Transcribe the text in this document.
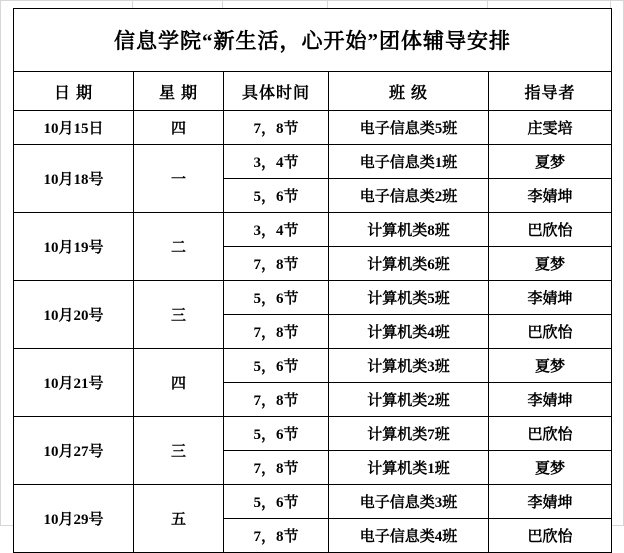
信息学院“新生活，心开始”团体辅导安排				
日 期	星 期	具体时间	班 级	指导者
10月15日	四	7，8节	电子信息类5班	庄雯培
10月18号	一	3，4节	电子信息类1班	夏梦
		5，6节	电子信息类2班	李婧坤
10月19号	二	3，4节	计算机类8班	巴欣怡
		7，8节	计算机类6班	夏梦
10月20号	三	5，6节	计算机类5班	李婧坤
		7，8节	计算机类4班	巴欣怡
10月21号	四	5，6节	计算机类3班	夏梦
		7，8节	计算机类2班	李婧坤
10月27号	三	5，6节	计算机类7班	巴欣怡
		7，8节	计算机类1班	夏梦
10月29号	五	5，6节	电子信息类3班	李婧坤
		7，8节	电子信息类4班	巴欣怡
